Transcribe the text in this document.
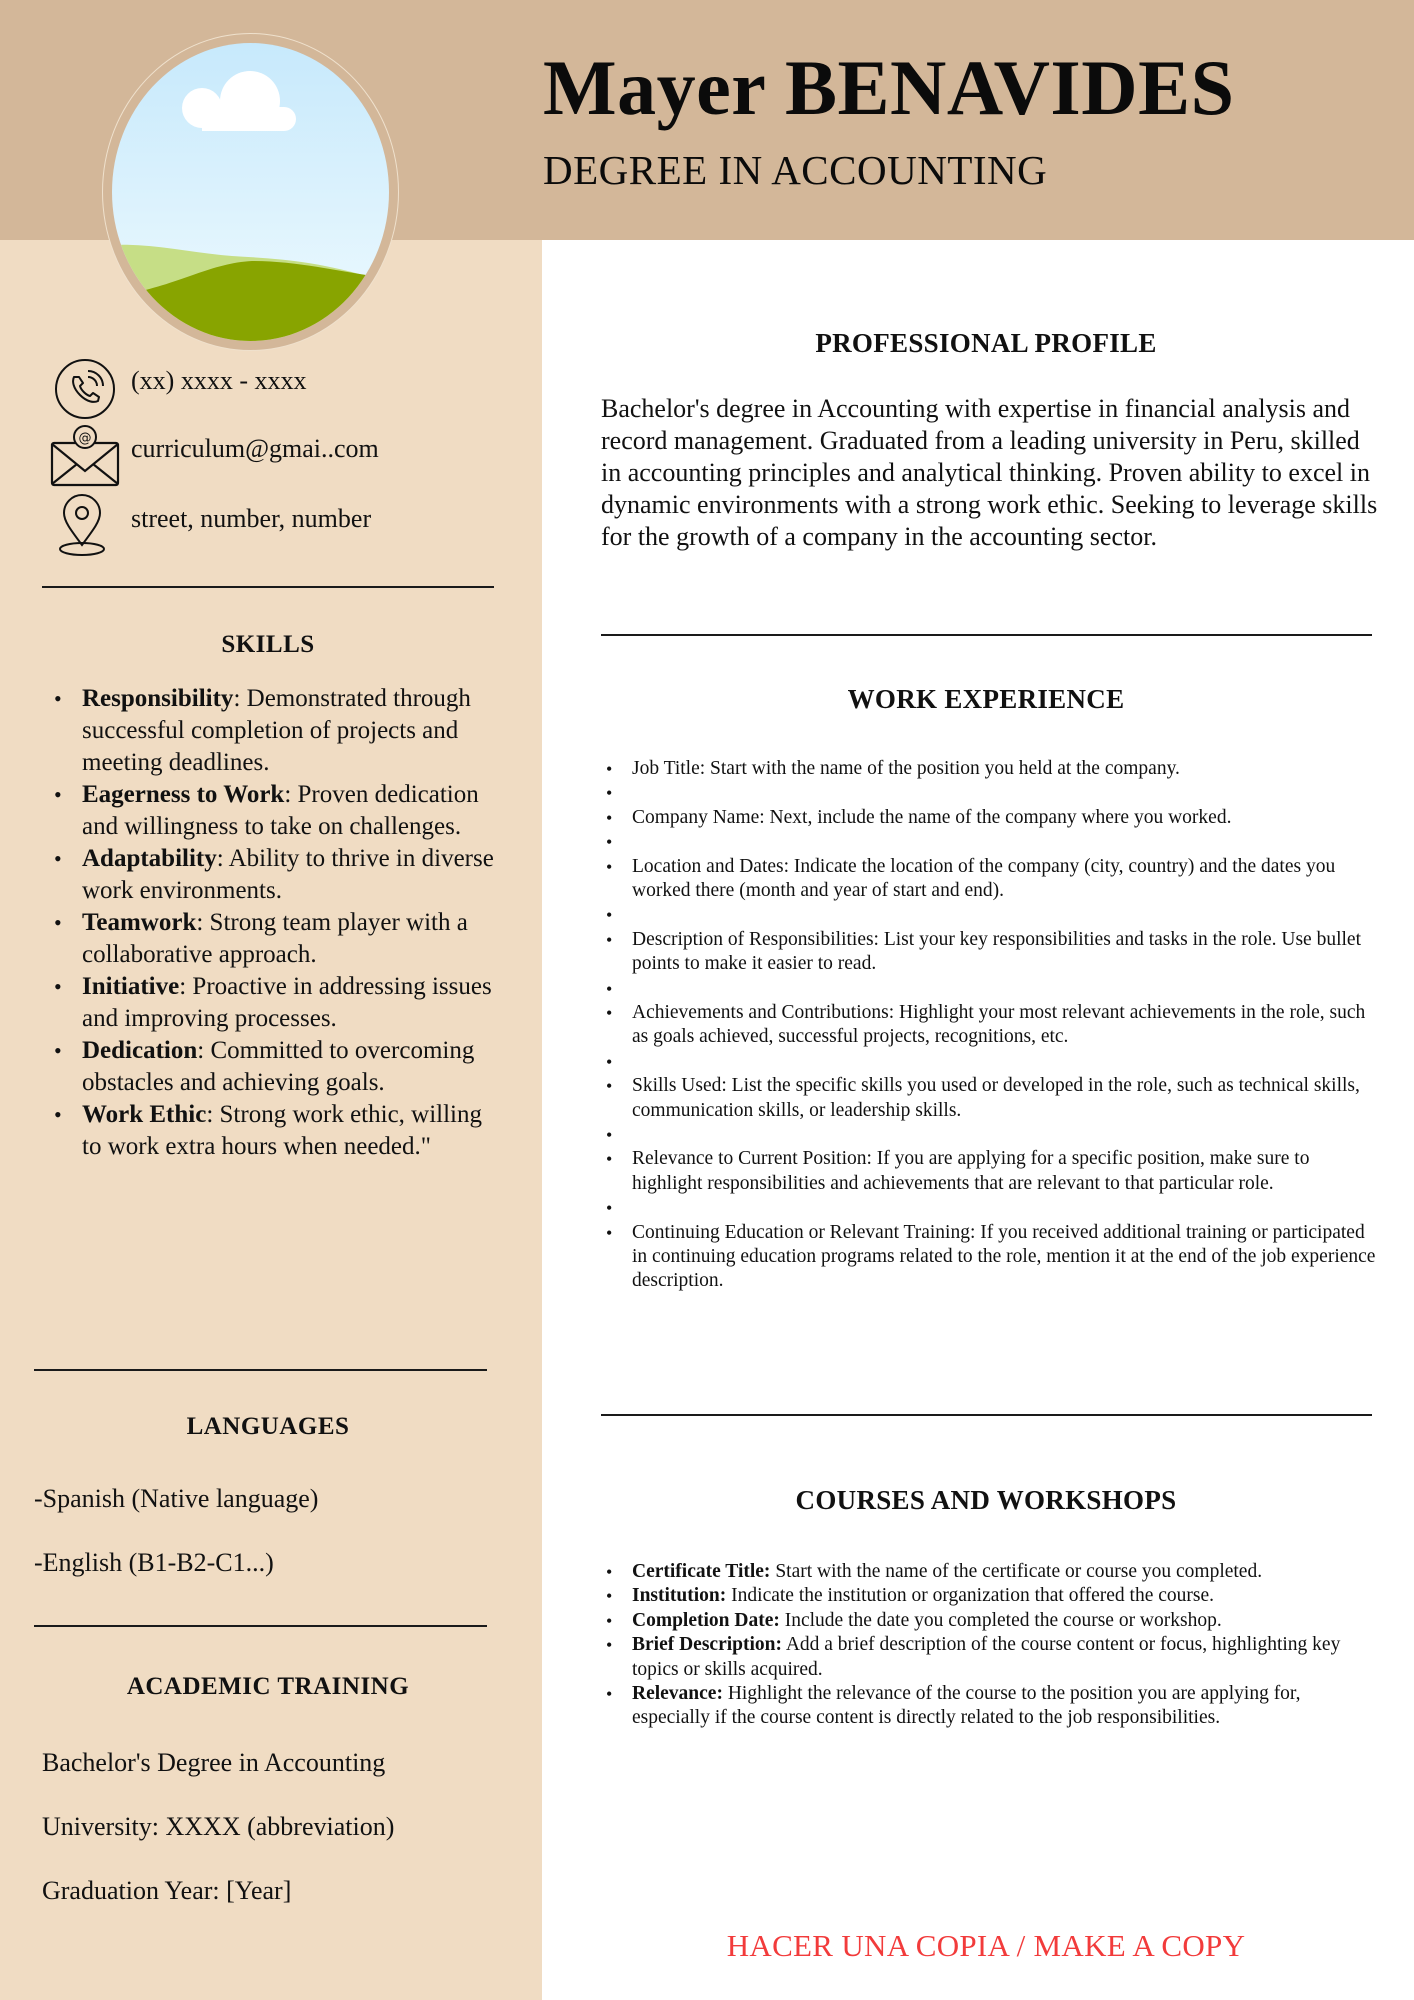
Mayer BENAVIDES
DEGREE IN ACCOUNTING
(xx) xxxx - xxxx
@ curriculum@gmai..com
street, number, number
SKILLS
• Responsibility: Demonstrated through successful completion of projects and meeting deadlines.
• Eagerness to Work: Proven dedication and willingness to take on challenges.
• Adaptability: Ability to thrive in diverse work environments.
• Teamwork: Strong team player with a collaborative approach.
• Initiative: Proactive in addressing issues and improving processes.
• Dedication: Committed to overcoming obstacles and achieving goals.
• Work Ethic: Strong work ethic, willing to work extra hours when needed."
LANGUAGES
-Spanish (Native language)
-English (B1-B2-C1...)
ACADEMIC TRAINING
Bachelor's Degree in Accounting
University: XXXX (abbreviation)
Graduation Year: [Year]
PROFESSIONAL PROFILE

Bachelor's degree in Accounting with expertise in financial analysis and record management. Graduated from a leading university in Peru, skilled in accounting principles and analytical thinking. Proven ability to excel in dynamic environments with a strong work ethic. Seeking to leverage skills for the growth of a company in the accounting sector.

WORK EXPERIENCE
• Job Title: Start with the name of the position you held at the company.
•
• Company Name: Next, include the name of the company where you worked.
•
• Location and Dates: Indicate the location of the company (city, country) and the dates you worked there (month and year of start and end).
•
• Description of Responsibilities: List your key responsibilities and tasks in the role. Use bullet points to make it easier to read.
•
• Achievements and Contributions: Highlight your most relevant achievements in the role, such as goals achieved, successful projects, recognitions, etc.
•
• Skills Used: List the specific skills you used or developed in the role, such as technical skills, communication skills, or leadership skills.
•
• Relevance to Current Position: If you are applying for a specific position, make sure to highlight responsibilities and achievements that are relevant to that particular role.
•
• Continuing Education or Relevant Training: If you received additional training or participated in continuing education programs related to the role, mention it at the end of the job experience description.
COURSES AND WORKSHOPS
• Certificate Title: Start with the name of the certificate or course you completed.
• Institution: Indicate the institution or organization that offered the course.
• Completion Date: Include the date you completed the course or workshop.
• Brief Description: Add a brief description of the course content or focus, highlighting key topics or skills acquired.
• Relevance: Highlight the relevance of the course to the position you are applying for, especially if the course content is directly related to the job responsibilities.
HACER UNA COPIA / MAKE A COPY
